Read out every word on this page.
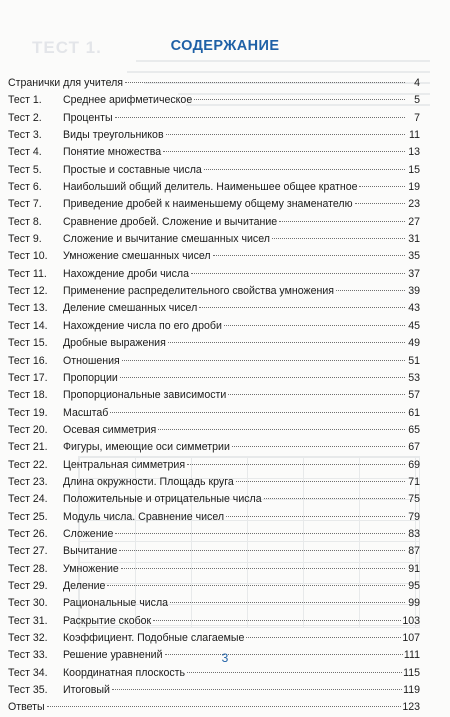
ТЕСТ 1.	СОДЕРЖАНИЕ
Странички для учителя	4
Тест 1.	Среднее арифметическое	5
Тест 2.	Проценты	7
Тест 3.	Виды треугольников	11
Тест 4.	Понятие множества	13
Тест 5.	Простые и составные числа	15
Тест 6.	Наибольший общий делитель. Наименьшее общее кратное	19
Тест 7.	Приведение дробей к наименьшему общему знаменателю	23
Тест 8.	Сравнение дробей. Сложение и вычитание	27
Тест 9.	Сложение и вычитание смешанных чисел	31
Тест 10.	Умножение смешанных чисел	35
Тест 11.	Нахождение дроби числа	37
Тест 12.	Применение распределительного свойства умножения	39
Тест 13.	Деление смешанных чисел	43
Тест 14.	Нахождение числа по его дроби	45
Тест 15.	Дробные выражения	49
Тест 16.	Отношения	51
Тест 17.	Пропорции	53
Тест 18.	Пропорциональные зависимости	57
Тест 19.	Масштаб	61
Тест 20.	Осевая симметрия	65
Тест 21.	Фигуры, имеющие оси симметрии	67
Тест 22.	Центральная симметрия	69
Тест 23.	Длина окружности. Площадь круга	71
Тест 24.	Положительные и отрицательные числа	75
Тест 25.	Модуль числа. Сравнение чисел	79
Тест 26.	Сложение	83
Тест 27.	Вычитание	87
Тест 28.	Умножение	91
Тест 29.	Деление	95
Тест 30.	Рациональные числа	99
Тест 31.	Раскрытие скобок	103
Тест 32.	Коэффициент. Подобные слагаемые	107
Тест 33.	Решение уравнений	111
Тест 34.	Координатная плоскость	115
Тест 35.	Итоговый	119
Ответы	123
3
